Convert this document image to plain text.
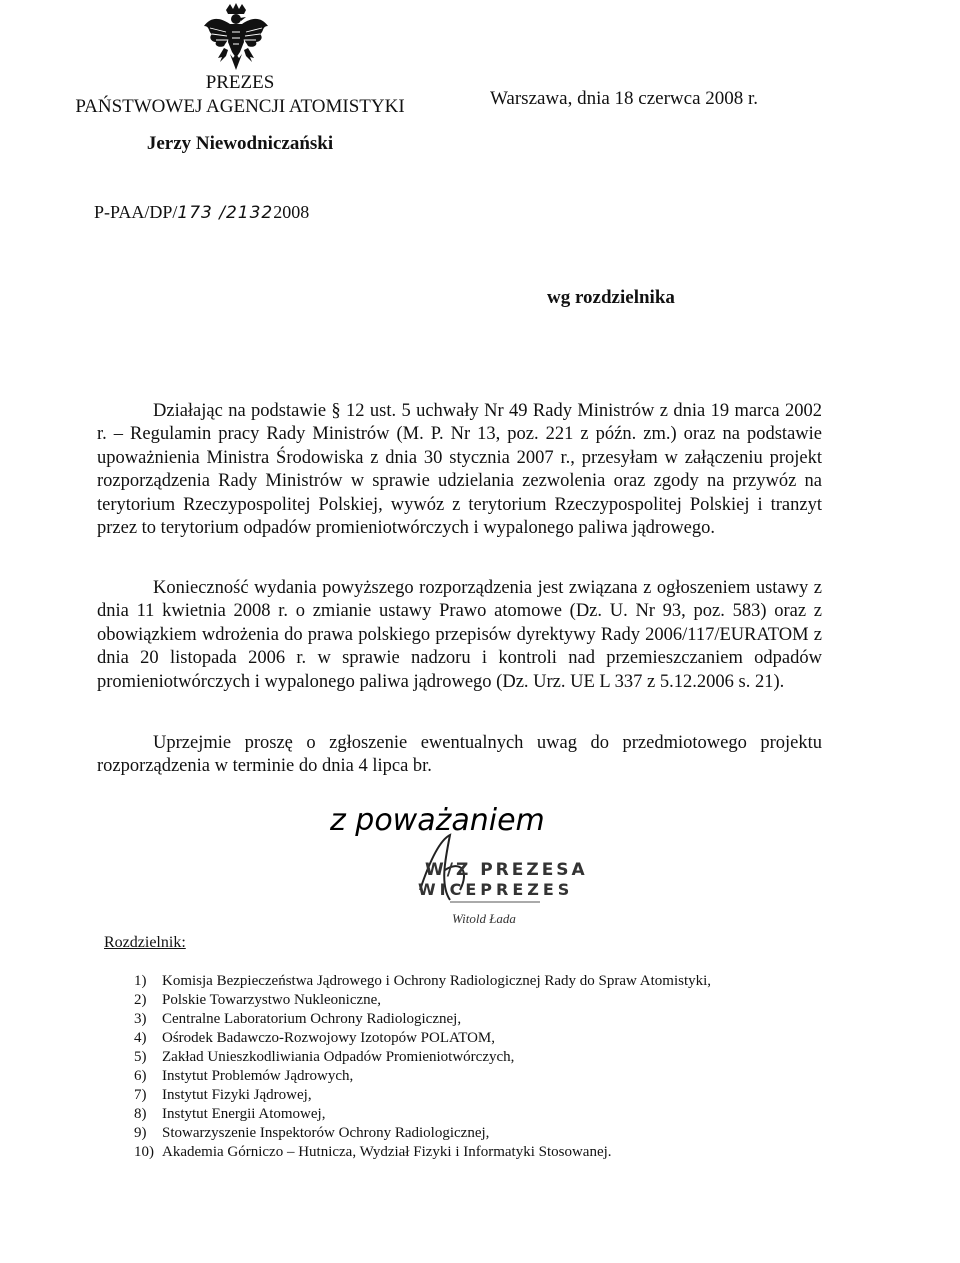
PREZES
PAŃSTWOWEJ AGENCJI ATOMISTYKI
Jerzy Niewodniczański
Warszawa, dnia 18 czerwca 2008 r.
P-PAA/DP/173 /21322008
wg rozdzielnika

Działając na podstawie § 12 ust. 5 uchwały Nr 49 Rady Ministrów z dnia 19 marca 2002 r. – Regulamin pracy Rady Ministrów (M. P. Nr 13, poz. 221 z późn. zm.) oraz na podstawie upoważnienia Ministra Środowiska z dnia 30 stycznia 2007 r., przesyłam w załączeniu projekt rozporządzenia Rady Ministrów w sprawie udzielania zezwolenia oraz zgody na przywóz na terytorium Rzeczypospolitej Polskiej, wywóz z terytorium Rzeczypospolitej Polskiej i tranzyt przez to terytorium odpadów promieniotwórczych i wypalonego paliwa jądrowego.

Konieczność wydania powyższego rozporządzenia jest związana z ogłoszeniem ustawy z dnia 11 kwietnia 2008 r. o zmianie ustawy Prawo atomowe (Dz. U. Nr 93, poz. 583) oraz z obowiązkiem wdrożenia do prawa polskiego przepisów dyrektywy Rady 2006/117/EURATOM z dnia 20 listopada 2006 r. w sprawie nadzoru i kontroli nad przemieszczaniem odpadów promieniotwórczych i wypalonego paliwa jądrowego (Dz. Urz. UE L 337 z 5.12.2006 s. 21).

Uprzejmie proszę o zgłoszenie ewentualnych uwag do przedmiotowego projektu rozporządzenia w terminie do dnia 4 lipca br.

z poważaniem
W/Z PREZESA
WICEPREZES
Witold Łada
Rozdzielnik:
1) Komisja Bezpieczeństwa Jądrowego i Ochrony Radiologicznej Rady do Spraw Atomistyki,
2) Polskie Towarzystwo Nukleoniczne,
3) Centralne Laboratorium Ochrony Radiologicznej,
4) Ośrodek Badawczo-Rozwojowy Izotopów POLATOM,
5) Zakład Unieszkodliwiania Odpadów Promieniotwórczych,
6) Instytut Problemów Jądrowych,
7) Instytut Fizyki Jądrowej,
8) Instytut Energii Atomowej,
9) Stowarzyszenie Inspektorów Ochrony Radiologicznej,
10) Akademia Górniczo – Hutnicza, Wydział Fizyki i Informatyki Stosowanej.
